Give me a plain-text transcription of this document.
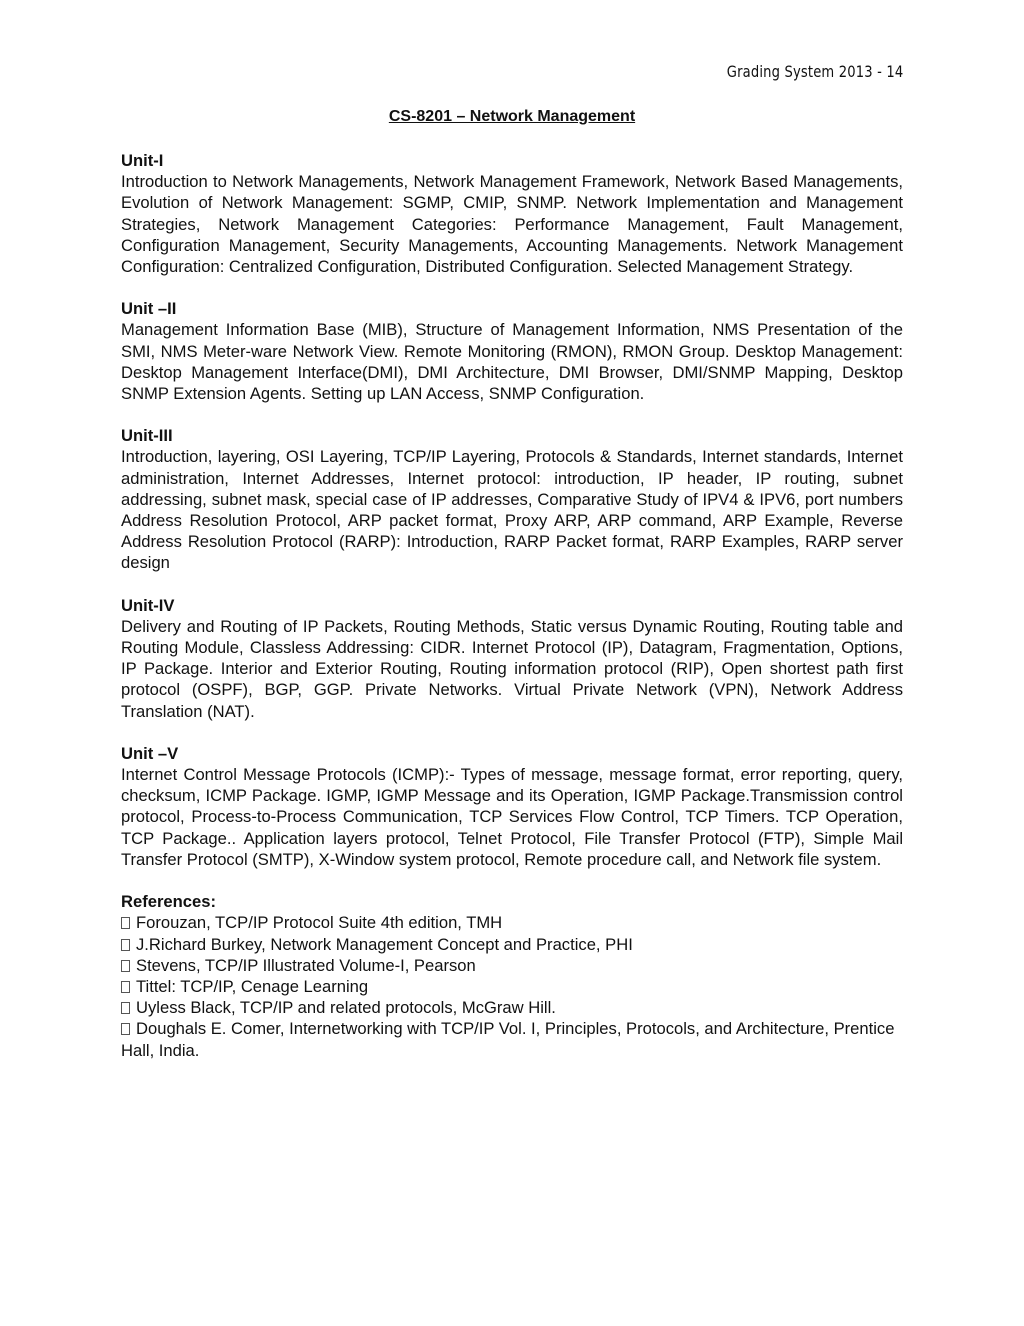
Grading System 2013 - 14
CS-8201 – Network Management

Unit-I

Introduction to Network Managements, Network Management Framework, Network Based Managements, Evolution of Network Management: SGMP, CMIP, SNMP. Network Implementation and Management Strategies, Network Management Categories: Performance Management, Fault Management, Configuration Management, Security Managements, Accounting Managements. Network Management Configuration: Centralized Configuration, Distributed Configuration. Selected Management Strategy.

Unit –II

Management Information Base (MIB), Structure of Management Information, NMS Presentation of the SMI, NMS Meter-ware Network View. Remote Monitoring (RMON), RMON Group. Desktop Management: Desktop Management Interface(DMI), DMI Architecture, DMI Browser, DMI/SNMP Mapping, Desktop SNMP Extension Agents. Setting up LAN Access, SNMP Configuration.

Unit-III

Introduction, layering, OSI Layering, TCP/IP Layering, Protocols & Standards, Internet standards, Internet administration, Internet Addresses, Internet protocol: introduction, IP header, IP routing, subnet addressing, subnet mask, special case of IP addresses, Comparative Study of IPV4 & IPV6, port numbers Address Resolution Protocol, ARP packet format, Proxy ARP, ARP command, ARP Example, Reverse Address Resolution Protocol (RARP): Introduction, RARP Packet format, RARP Examples, RARP server design

Unit-IV

Delivery and Routing of IP Packets, Routing Methods, Static versus Dynamic Routing, Routing table and Routing Module, Classless Addressing: CIDR. Internet Protocol (IP), Datagram, Fragmentation, Options, IP Package. Interior and Exterior Routing, Routing information protocol (RIP), Open shortest path first protocol (OSPF), BGP, GGP. Private Networks. Virtual Private Network (VPN), Network Address Translation (NAT).

Unit –V

Internet Control Message Protocols (ICMP):- Types of message, message format, error reporting, query, checksum, ICMP Package. IGMP, IGMP Message and its Operation, IGMP Package.Transmission control protocol, Process-to-Process Communication, TCP Services Flow Control, TCP Timers. TCP Operation, TCP Package.. Application layers protocol, Telnet Protocol, File Transfer Protocol (FTP), Simple Mail Transfer Protocol (SMTP), X-Window system protocol, Remote procedure call, and Network file system.

References:

Forouzan, TCP/IP Protocol Suite 4th edition, TMH
J.Richard Burkey, Network Management Concept and Practice, PHI
Stevens, TCP/IP Illustrated Volume-I, Pearson
Tittel: TCP/IP, Cenage Learning
Uyless Black, TCP/IP and related protocols, McGraw Hill.
Doughals E. Comer, Internetworking with TCP/IP Vol. I, Principles, Protocols, and Architecture, Prentice Hall, India.
